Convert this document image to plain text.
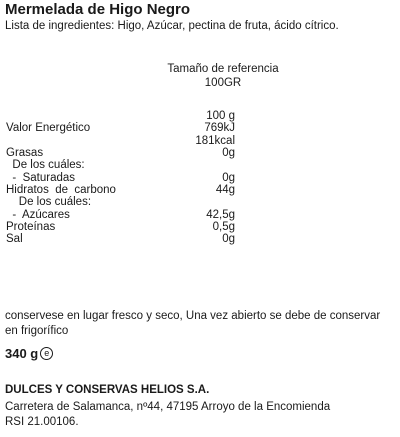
Mermelada de Higo Negro
Lista de ingredientes: Higo, Azúcar, pectina de fruta, ácido cítrico.
Tamaño de referencia
100GR
100 g
Valor Energético	769kJ
181kcal
Grasas	0g
De los cuáles:
-  Saturadas	0g
Hidratos  de  carbono	44g
De los cuáles:
-  Azúcares	42,5g
Proteínas	0,5g
Sal	0g
conservese en lugar fresco y seco, Una vez abierto se debe de conservar en frigorífico
340 g e
DULCES Y CONSERVAS HELIOS S.A.
Carretera de Salamanca, nº44, 47195 Arroyo de la Encomienda
RSI 21.00106.
